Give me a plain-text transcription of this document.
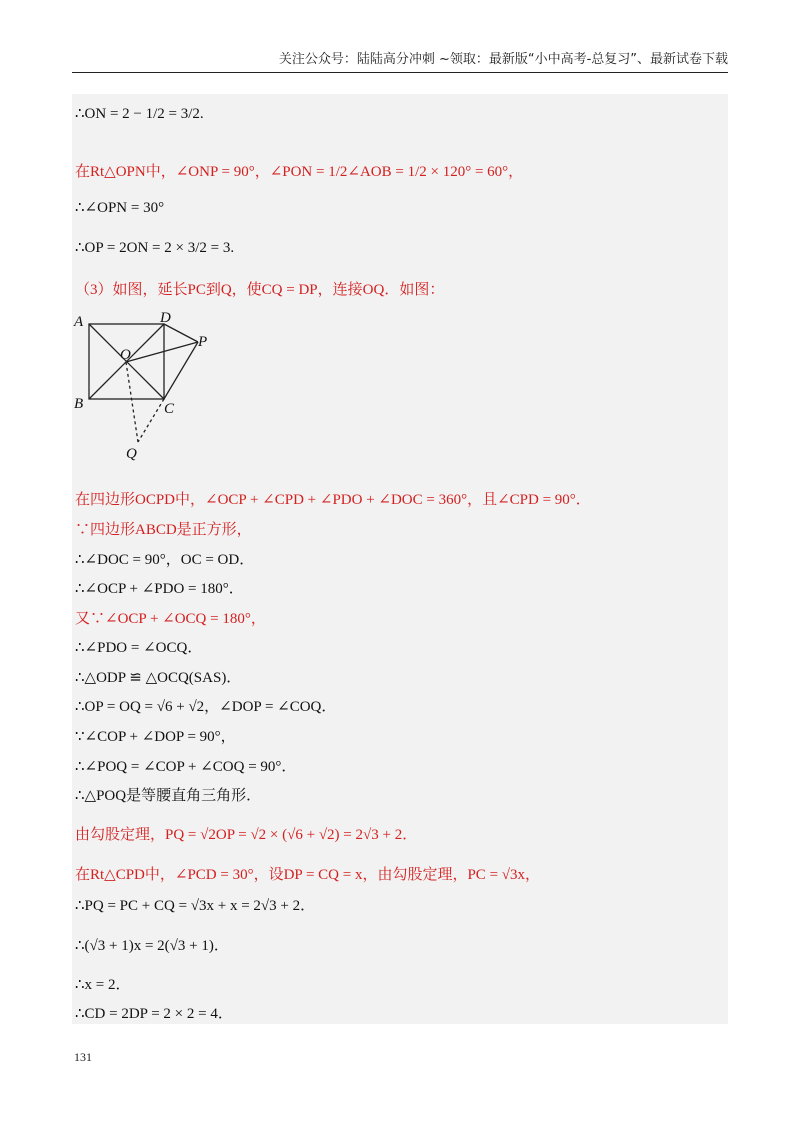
关注公众号：陆陆高分冲刺 ~领取：最新版“小中高考-总复习”、最新试卷下载
∴ON = 2 − 1/2 = 3/2.
在Rt△OPN中，∠ONP = 90°，∠PON = 1/2∠AOB = 1/2 × 120° = 60°，
∴∠OPN = 30°
∴OP = 2ON = 2 × 3/2 = 3.
（3）如图，延长PC到Q，使CQ = DP，连接OQ．如图：
A	D
O
P
B	C
Q
在四边形OCPD中，∠OCP + ∠CPD + ∠PDO + ∠DOC = 360°，且∠CPD = 90°．
∵四边形ABCD是正方形，
∴∠DOC = 90°，OC = OD．
∴∠OCP + ∠PDO = 180°．
又∵∠OCP + ∠OCQ = 180°，
∴∠PDO = ∠OCQ．
∴△ODP ≌ △OCQ(SAS)．
∴OP = OQ = √6 + √2，∠DOP = ∠COQ．
∵∠COP + ∠DOP = 90°，
∴∠POQ = ∠COP + ∠COQ = 90°．
∴△POQ是等腰直角三角形．
由勾股定理，PQ = √2OP = √2 × (√6 + √2) = 2√3 + 2．
在Rt△CPD中，∠PCD = 30°，设DP = CQ = x，由勾股定理，PC = √3x，
∴PQ = PC + CQ = √3x + x = 2√3 + 2．
∴(√3 + 1)x = 2(√3 + 1)．
∴x = 2．
∴CD = 2DP = 2 × 2 = 4．
131
